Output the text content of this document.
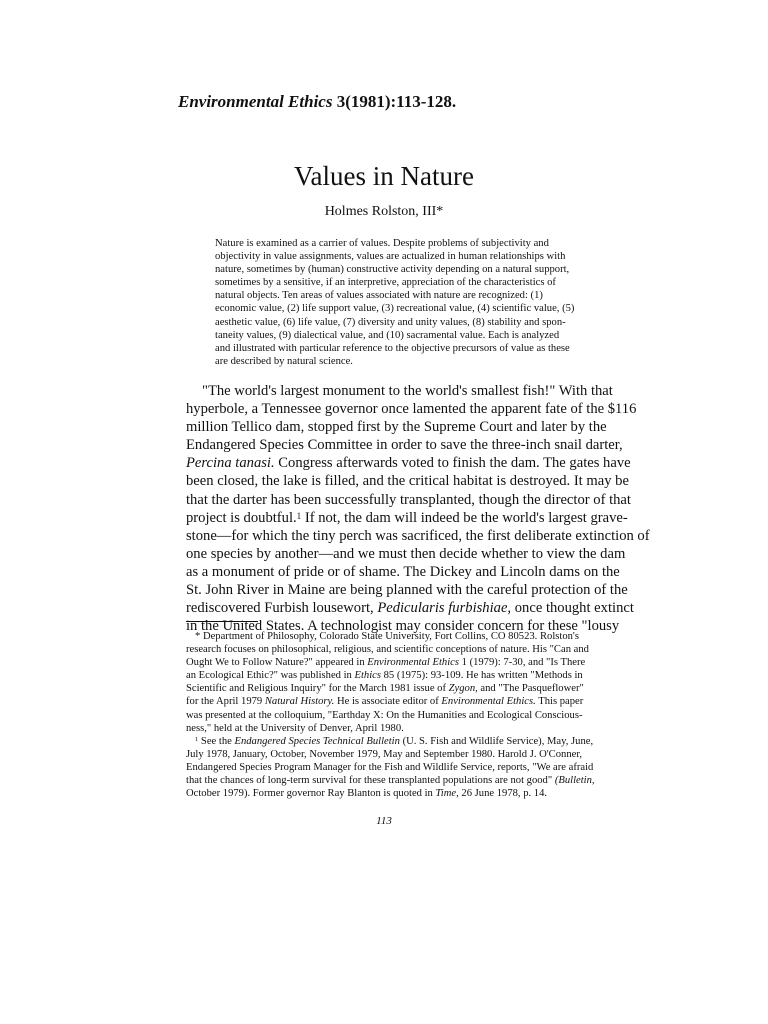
Environmental Ethics 3(1981):113-128.
Values in Nature
Holmes Rolston, III*
Nature is examined as a carrier of values. Despite problems of subjectivity and
objectivity in value assignments, values are actualized in human relationships with
nature, sometimes by (human) constructive activity depending on a natural support,
sometimes by a sensitive, if an interpretive, appreciation of the characteristics of
natural objects. Ten areas of values associated with nature are recognized: (1)
economic value, (2) life support value, (3) recreational value, (4) scientific value, (5)
aesthetic value, (6) life value, (7) diversity and unity values, (8) stability and spon-
taneity values, (9) dialectical value, and (10) sacramental value. Each is analyzed
and illustrated with particular reference to the objective precursors of value as these
are described by natural science.
"The world's largest monument to the world's smallest fish!" With that
hyperbole, a Tennessee governor once lamented the apparent fate of the $116
million Tellico dam, stopped first by the Supreme Court and later by the
Endangered Species Committee in order to save the three-inch snail darter,
Percina tanasi. Congress afterwards voted to finish the dam. The gates have
been closed, the lake is filled, and the critical habitat is destroyed. It may be
that the darter has been successfully transplanted, though the director of that
project is doubtful.$^1$ If not, the dam will indeed be the world's largest grave-
stone—for which the tiny perch was sacrificed, the first deliberate extinction of
one species by another—and we must then decide whether to view the dam
as a monument of pride or of shame. The Dickey and Lincoln dams on the
St. John River in Maine are being planned with the careful protection of the
rediscovered Furbish lousewort, Pedicularis furbishiae, once thought extinct
in the United States. A technologist may consider concern for these "lousy
* Department of Philosophy, Colorado State University, Fort Collins, CO 80523. Rolston's
research focuses on philosophical, religious, and scientific conceptions of nature. His "Can and
Ought We to Follow Nature?" appeared in Environmental Ethics 1 (1979): 7-30, and "Is There
an Ecological Ethic?" was published in Ethics 85 (1975): 93-109. He has written "Methods in
Scientific and Religious Inquiry" for the March 1981 issue of Zygon, and "The Pasqueflower"
for the April 1979 Natural History. He is associate editor of Environmental Ethics. This paper
was presented at the colloquium, "Earthday X: On the Humanities and Ecological Conscious-
ness," held at the University of Denver, April 1980.
$^1$ See the Endangered Species Technical Bulletin (U. S. Fish and Wildlife Service), May, June,
July 1978, January, October, November 1979, May and September 1980. Harold J. O'Conner,
Endangered Species Program Manager for the Fish and Wildlife Service, reports, "We are afraid
that the chances of long-term survival for these transplanted populations are not good" (Bulletin,
October 1979). Former governor Ray Blanton is quoted in Time, 26 June 1978, p. 14.
113
